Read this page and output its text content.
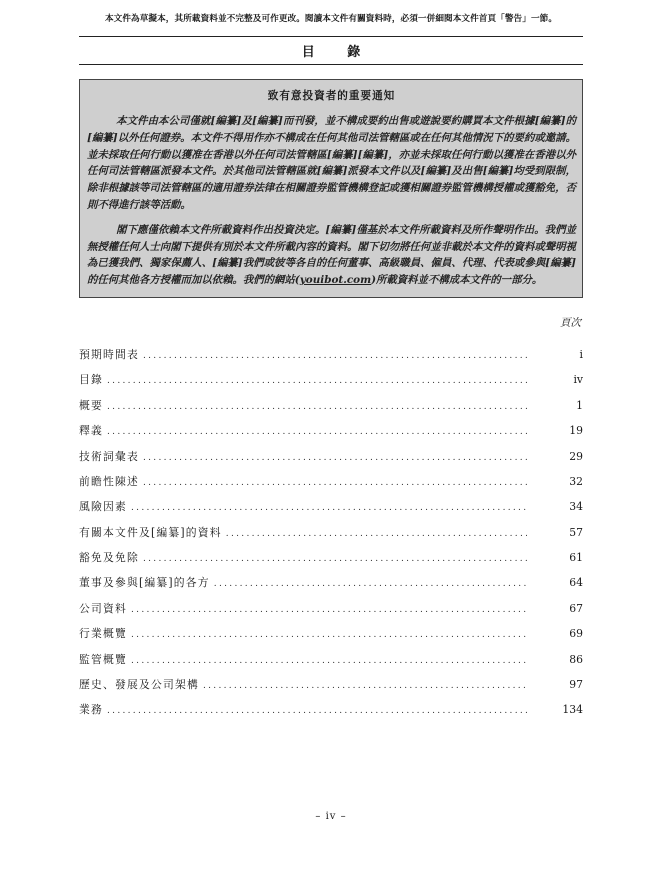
本文件為草擬本，其所載資料並不完整及可作更改。閱讀本文件有關資料時，必須一併細閱本文件首頁「警告」一節。
目 錄
致有意投資者的重要通知

本文件由本公司僅就[編纂]及[編纂]而刊發，並不構成要約出售或遊說要約購買本文件根據[編纂]的[編纂]以外任何證券。本文件不得用作亦不構成在任何其他司法管轄區或在任何其他情況下的要約或邀請。並未採取任何行動以獲准在香港以外任何司法管轄區[編纂][編纂]，亦並未採取任何行動以獲准在香港以外任何司法管轄區派發本文件。於其他司法管轄區就[編纂]派發本文件以及[編纂]及出售[編纂]均受到限制，除非根據該等司法管轄區的適用證券法律在相關證券監管機構登記或獲相關證券監管機構授權或獲豁免，否則不得進行該等活動。

閣下應僅依賴本文件所載資料作出投資決定。[編纂]僅基於本文件所載資料及所作聲明作出。我們並無授權任何人士向閣下提供有別於本文件所載內容的資料。閣下切勿將任何並非載於本文件的資料或聲明視為已獲我們、獨家保薦人、[編纂]我們或彼等各自的任何董事、高級職員、僱員、代理、代表或參與[編纂]的任何其他各方授權而加以依賴。我們的網站(youibot.com)所載資料並不構成本文件的一部分。

頁次
預期時間表 .....	i
目錄 .....	iv
概要 .....	1
釋義 .....	19
技術詞彙表 .....	29
前瞻性陳述 .....	32
風險因素 .....	34
有關本文件及[編纂]的資料 .....	57
豁免及免除 .....	61
董事及參與[編纂]的各方 .....	64
公司資料 .....	67
行業概覽 .....	69
監管概覽 .....	86
歷史、發展及公司架構 .....	97
業務 .....	134
– iv –
